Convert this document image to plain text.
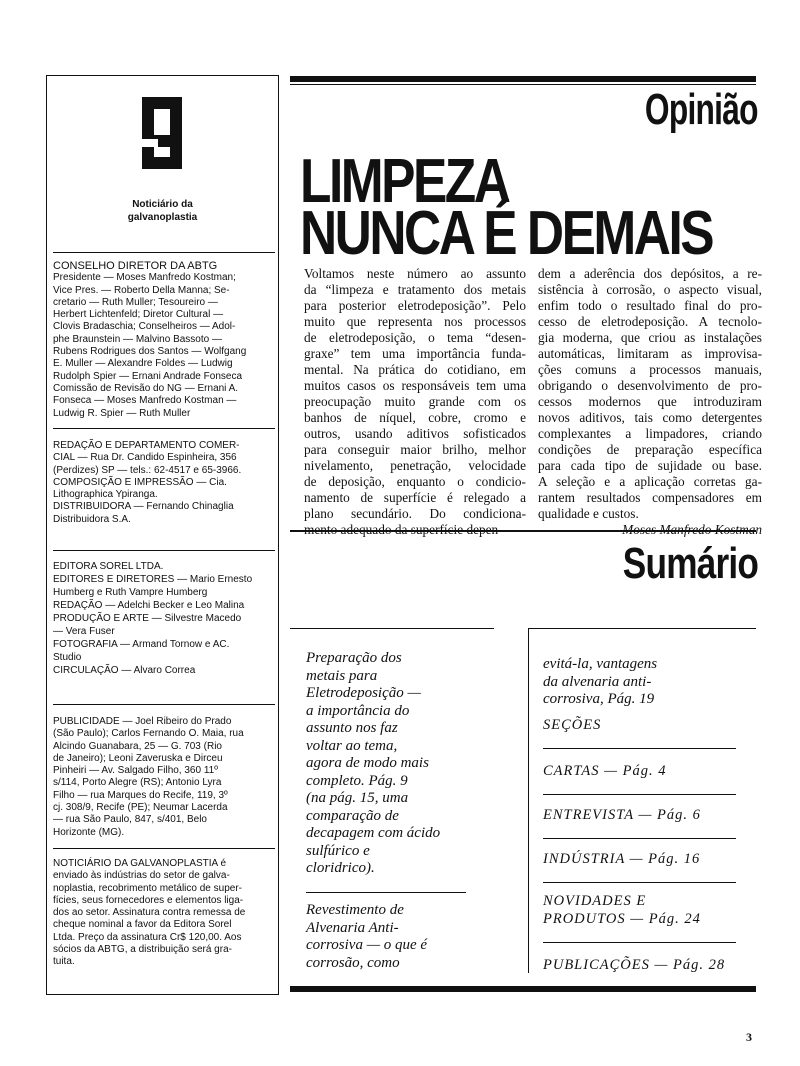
Noticiário da
galvanoplastia
CONSELHO DIRETOR DA ABTG
Presidente — Moses Manfredo Kostman;
Vice Pres. — Roberto Della Manna; Se-
cretario — Ruth Muller; Tesoureiro —
Herbert Lichtenfeld; Diretor Cultural —
Clovis Bradaschia; Conselheiros — Adol-
phe Braunstein — Malvino Bassoto —
Rubens Rodrigues dos Santos — Wolfgang
E. Muller — Alexandre Foldes — Ludwig
Rudolph Spier — Ernani Andrade Fonseca
Comissão de Revisão do NG — Ernani A.
Fonseca — Moses Manfredo Kostman —
Ludwig R. Spier — Ruth Muller
REDAÇÃO E DEPARTAMENTO COMER-
CIAL — Rua Dr. Candido Espinheira, 356
(Perdizes) SP — tels.: 62-4517 e 65-3966.
COMPOSIÇÃO E IMPRESSÃO — Cia.
Lithographica Ypiranga.
DISTRIBUIDORA — Fernando Chinaglia
Distribuidora S.A.
EDITORA SOREL LTDA.
EDITORES E DIRETORES — Mario Ernesto
Humberg e Ruth Vampre Humberg
REDAÇÃO — Adelchi Becker e Leo Malina
PRODUÇÃO E ARTE — Silvestre Macedo
— Vera Fuser
FOTOGRAFIA — Armand Tornow e AC.
Studio
CIRCULAÇÃO — Alvaro Correa
PUBLICIDADE — Joel Ribeiro do Prado
(São Paulo); Carlos Fernando O. Maia, rua
Alcindo Guanabara, 25 — G. 703 (Rio
de Janeiro); Leoni Zaveruska e Dirceu
Pinheiri — Av. Salgado Filho, 360 11º
s/114, Porto Alegre (RS); Antonio Lyra
Filho — rua Marques do Recife, 119, 3º
cj. 308/9, Recife (PE); Neumar Lacerda
— rua São Paulo, 847, s/401, Belo
Horizonte (MG).
NOTICIÁRIO DA GALVANOPLASTIA é
enviado às indústrias do setor de galva-
noplastia, recobrimento metálico de super-
fícies, seus fornecedores e elementos liga-
dos ao setor. Assinatura contra remessa de
cheque nominal a favor da Editora Sorel
Ltda. Preço da assinatura Cr$ 120,00. Aos
sócios da ABTG, a distribuição será gra-
tuita.
Opinião
LIMPEZA
NUNCA É DEMAIS
Voltamos neste número ao assunto
da “limpeza e tratamento dos metais
para posterior eletrodeposição”. Pelo
muito que representa nos processos
de eletrodeposição, o tema “desen-
graxe” tem uma importância funda-
mental. Na prática do cotidiano, em
muitos casos os responsáveis tem uma
preocupação muito grande com os
banhos de níquel, cobre, cromo e
outros, usando aditivos sofisticados
para conseguir maior brilho, melhor
nivelamento, penetração, velocidade
de deposição, enquanto o condicio-
namento de superfície é relegado a
plano secundário. Do condiciona-
mento adequado da superfície depen-
dem a aderência dos depósitos, a re-
sistência à corrosão, o aspecto visual,
enfim todo o resultado final do pro-
cesso de eletrodeposição. A tecnolo-
gia moderna, que criou as instalações
automáticas, limitaram as improvisa-
ções comuns a processos manuais,
obrigando o desenvolvimento de pro-
cessos modernos que introduziram
novos aditivos, tais como detergentes
complexantes a limpadores, criando
condições de preparação específica
para cada tipo de sujidade ou base.
A seleção e a aplicação corretas ga-
rantem resultados compensadores em
qualidade e custos.
Moses Manfredo Kostman
Sumário
Preparação dos
metais para
Eletrodeposição —
a importância do
assunto nos faz
voltar ao tema,
agora de modo mais
completo. Pág. 9
(na pág. 15, uma
comparação de
decapagem com ácido
sulfúrico e
cloridrico).
Revestimento de
Alvenaria Anti-
corrosiva — o que é
corrosão, como
evitá-la, vantagens
da alvenaria anti-
corrosiva, Pág. 19
SEÇÕES
CARTAS — Pág. 4
ENTREVISTA — Pág. 6
INDÚSTRIA — Pág. 16
NOVIDADES E
PRODUTOS — Pág. 24
PUBLICAÇÕES — Pág. 28
3
